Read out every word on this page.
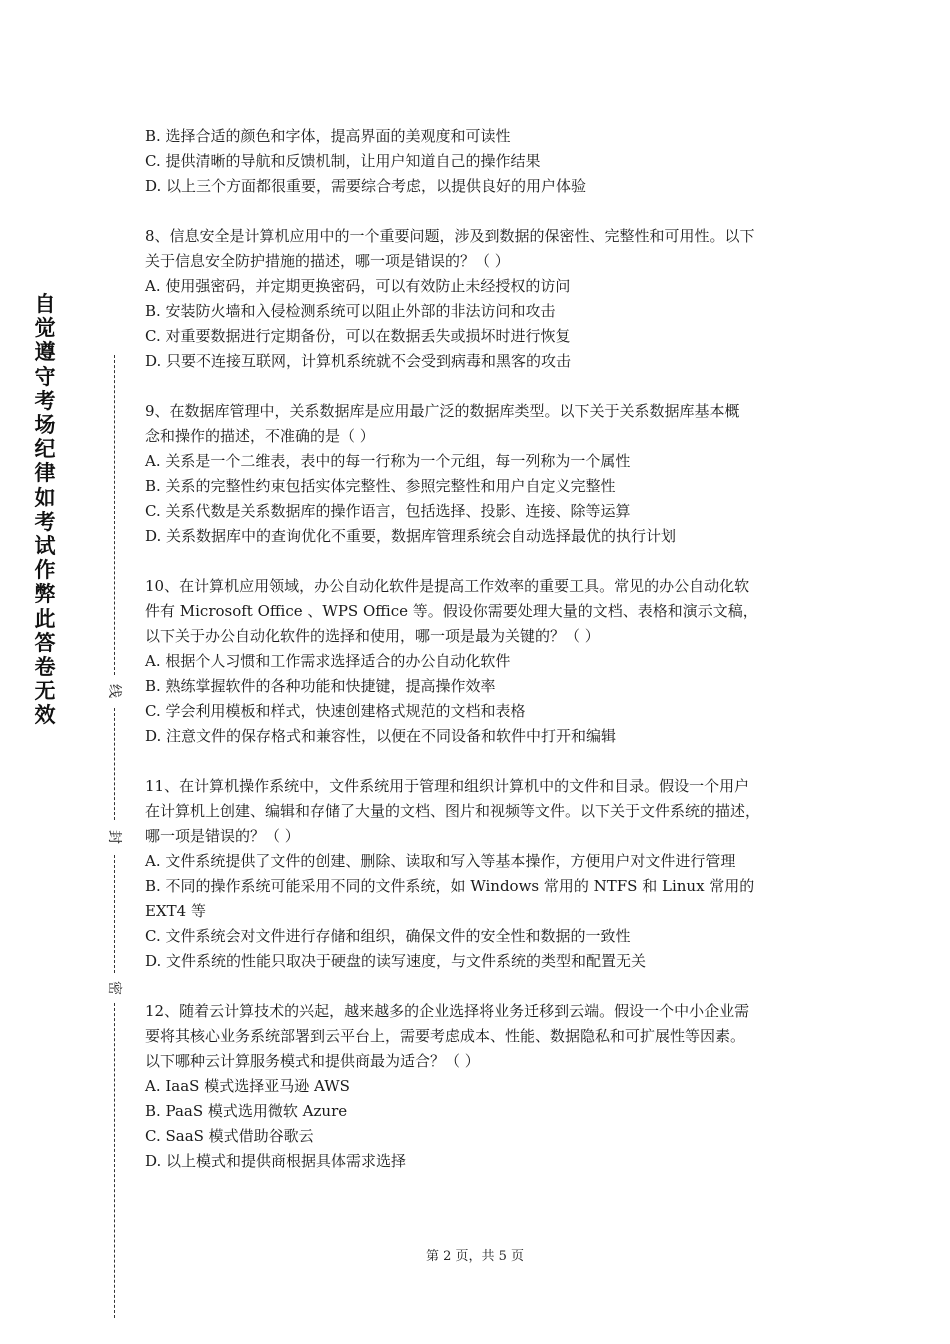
自觉遵守考场纪律如考试作弊此答卷无效
线
封
密
B. 选择合适的颜色和字体，提高界面的美观度和可读性
C. 提供清晰的导航和反馈机制，让用户知道自己的操作结果
D. 以上三个方面都很重要，需要综合考虑，以提供良好的用户体验
8、信息安全是计算机应用中的一个重要问题，涉及到数据的保密性、完整性和可用性。以下
关于信息安全防护措施的描述，哪一项是错误的？（ ）
A. 使用强密码，并定期更换密码，可以有效防止未经授权的访问
B. 安装防火墙和入侵检测系统可以阻止外部的非法访问和攻击
C. 对重要数据进行定期备份，可以在数据丢失或损坏时进行恢复
D. 只要不连接互联网，计算机系统就不会受到病毒和黑客的攻击
9、在数据库管理中，关系数据库是应用最广泛的数据库类型。以下关于关系数据库基本概
念和操作的描述，不准确的是（ ）
A. 关系是一个二维表，表中的每一行称为一个元组，每一列称为一个属性
B. 关系的完整性约束包括实体完整性、参照完整性和用户自定义完整性
C. 关系代数是关系数据库的操作语言，包括选择、投影、连接、除等运算
D. 关系数据库中的查询优化不重要，数据库管理系统会自动选择最优的执行计划
10、在计算机应用领域，办公自动化软件是提高工作效率的重要工具。常见的办公自动化软
件有 Microsoft Office 、WPS Office 等。假设你需要处理大量的文档、表格和演示文稿，
以下关于办公自动化软件的选择和使用，哪一项是最为关键的？（ ）
A. 根据个人习惯和工作需求选择适合的办公自动化软件
B. 熟练掌握软件的各种功能和快捷键，提高操作效率
C. 学会利用模板和样式，快速创建格式规范的文档和表格
D. 注意文件的保存格式和兼容性，以便在不同设备和软件中打开和编辑
11、在计算机操作系统中，文件系统用于管理和组织计算机中的文件和目录。假设一个用户
在计算机上创建、编辑和存储了大量的文档、图片和视频等文件。以下关于文件系统的描述，
哪一项是错误的？（ ）
A. 文件系统提供了文件的创建、删除、读取和写入等基本操作，方便用户对文件进行管理
B. 不同的操作系统可能采用不同的文件系统，如 Windows 常用的 NTFS 和 Linux 常用的
EXT4 等
C. 文件系统会对文件进行存储和组织，确保文件的安全性和数据的一致性
D. 文件系统的性能只取决于硬盘的读写速度，与文件系统的类型和配置无关
12、随着云计算技术的兴起，越来越多的企业选择将业务迁移到云端。假设一个中小企业需
要将其核心业务系统部署到云平台上，需要考虑成本、性能、数据隐私和可扩展性等因素。
以下哪种云计算服务模式和提供商最为适合？（ ）
A. IaaS 模式选择亚马逊 AWS
B. PaaS 模式选用微软 Azure
C. SaaS 模式借助谷歌云
D. 以上模式和提供商根据具体需求选择
第 2 页，共 5 页
